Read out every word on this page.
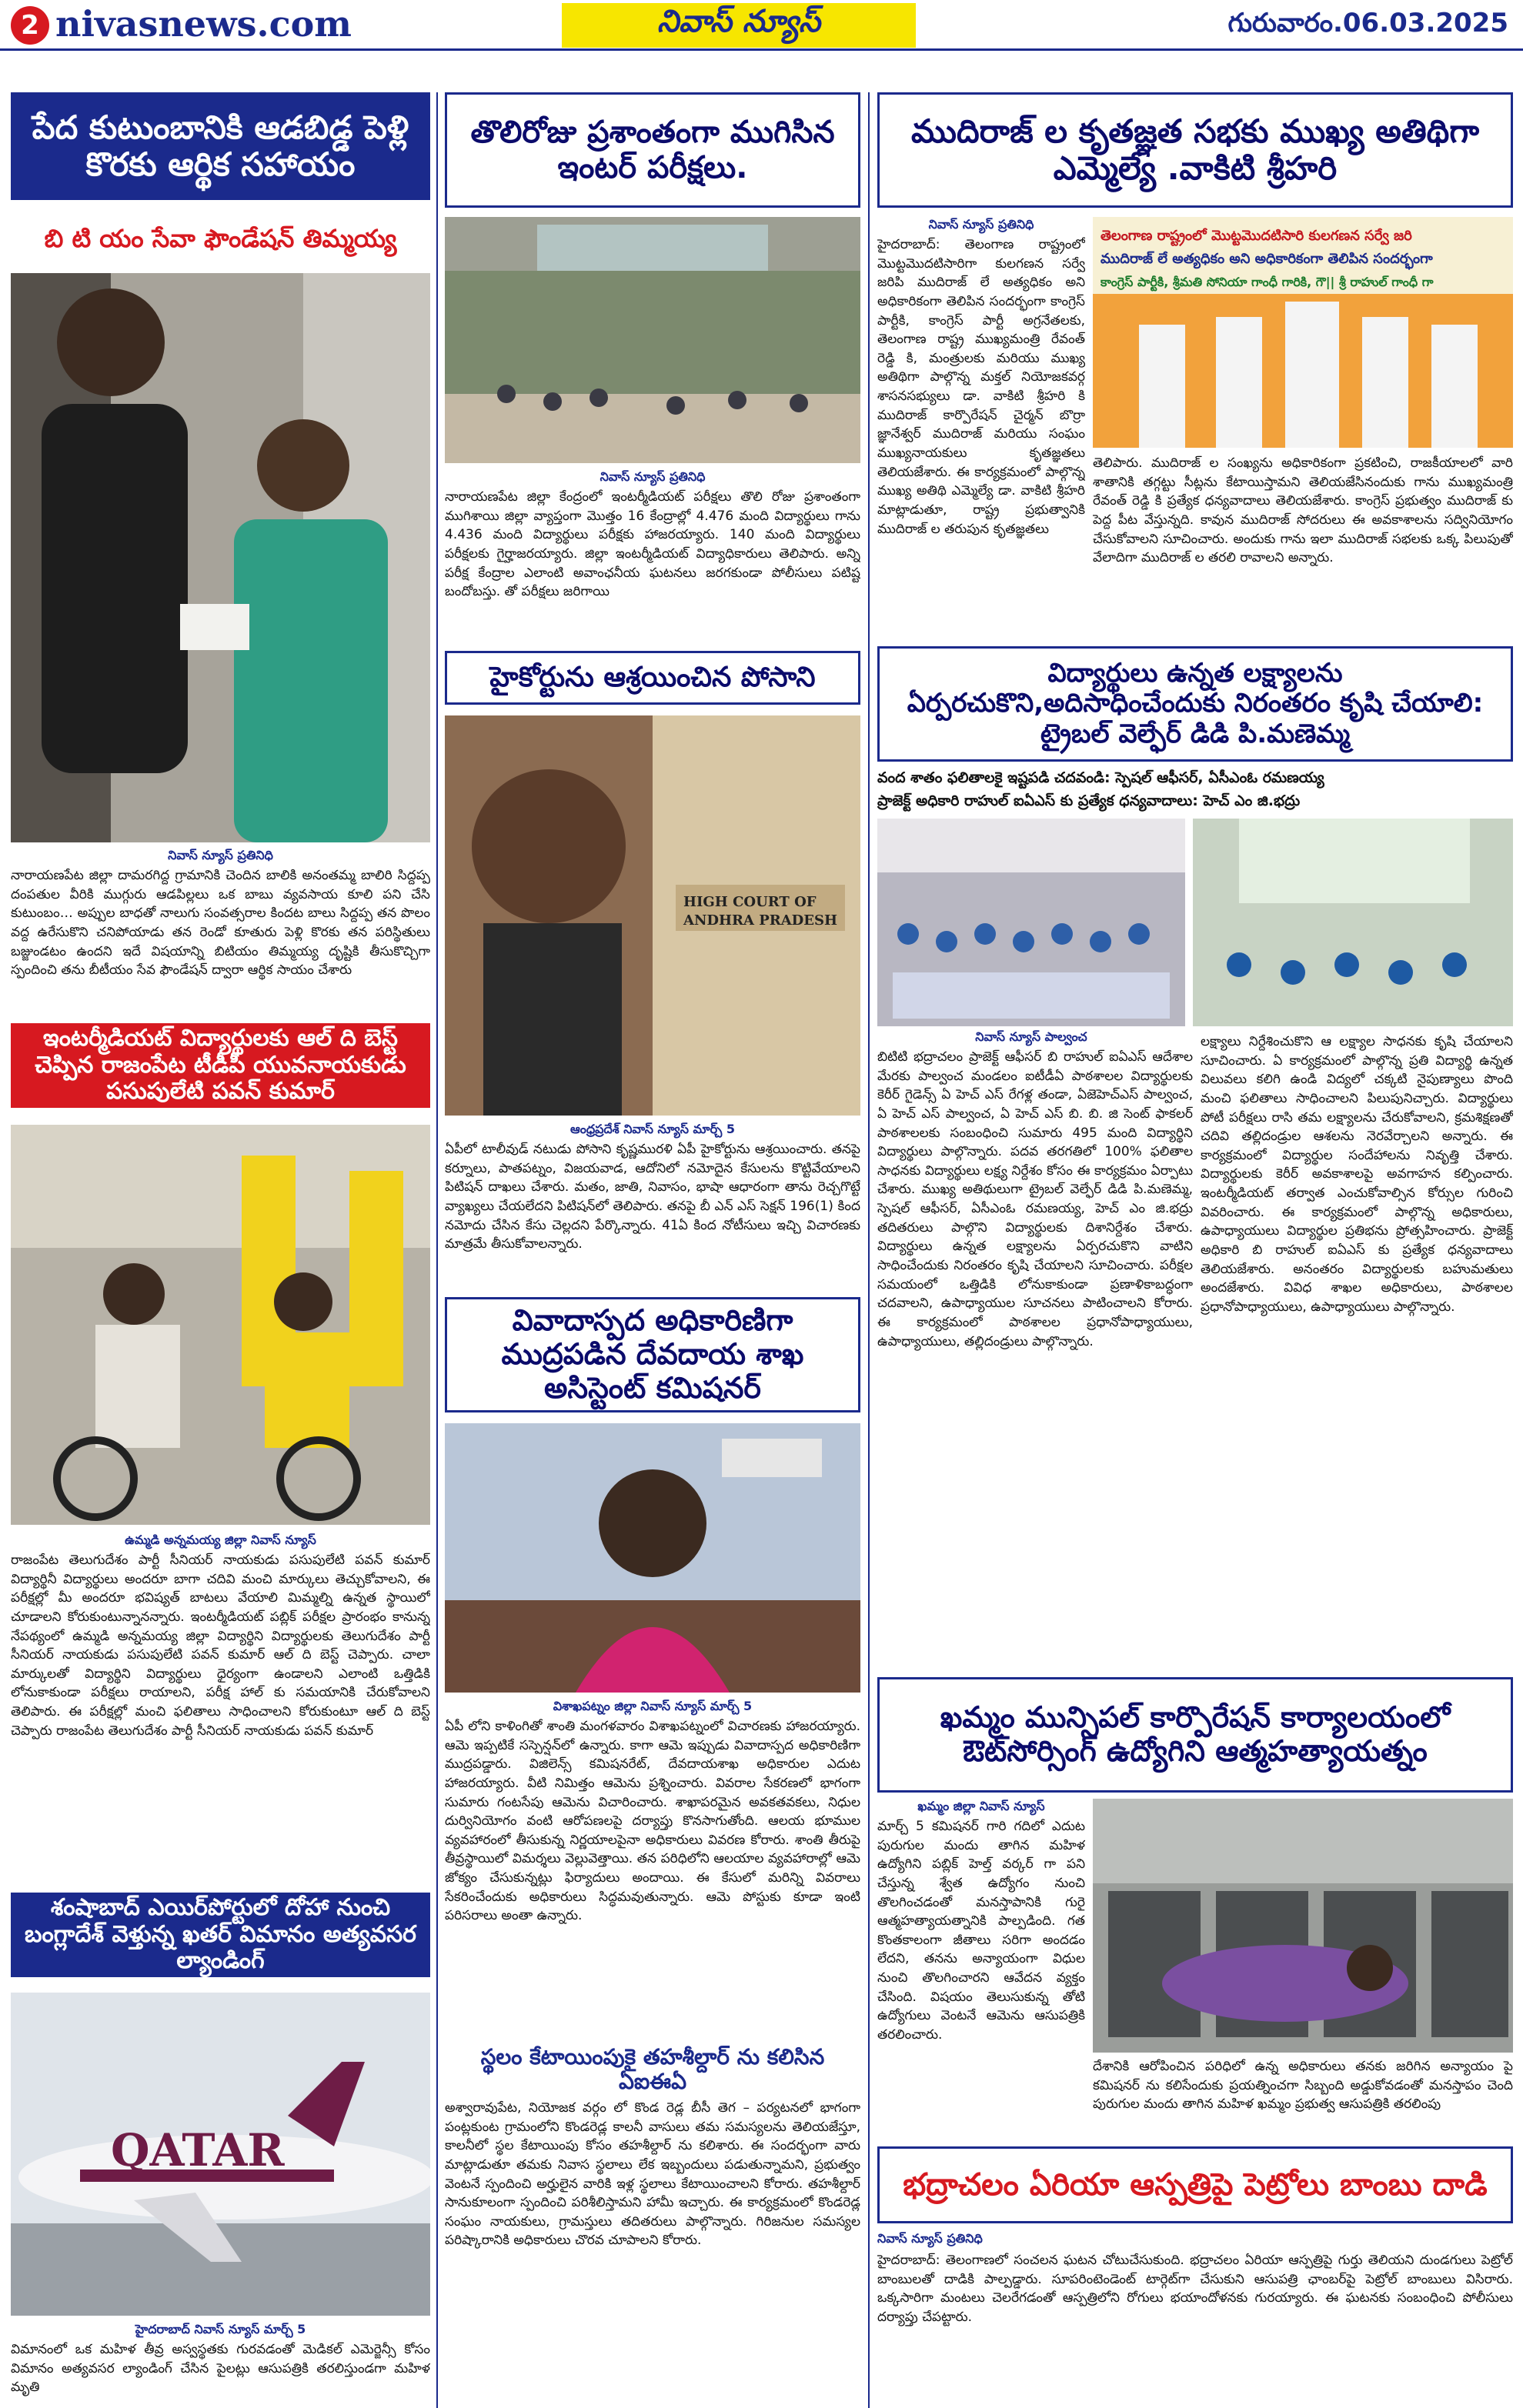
2 nivasnews.com	నివాస్ న్యూస్	గురువారం.06.03.2025
పేద కుటుంబానికి ఆడబిడ్డ పెళ్లి కొరకు ఆర్థిక సహాయం
బి టి యం సేవా ఫౌండేషన్ తిమ్మయ్య
నివాస్ న్యూస్ ప్రతినిధి
నారాయణపేట జిల్లా దామరగిద్ద గ్రామానికి చెందిన బాలికి అనంతమ్మ బాలిరి సిద్దప్ప దంపతుల వీరికి ముగ్గురు ఆడపిల్లలు ఒక బాబు వ్యవసాయ కూలి పని చేసి కుటుంబం… అప్పుల బాధతో నాలుగు సంవత్సరాల కిందట బాలు సిద్దప్ప తన పొలం వద్ద ఉరేసుకొని చనిపోయాడు తన రెండో కూతురు పెళ్లి కొరకు తన పరిస్థితులు బజ్జుండటం ఉందని ఇదే విషయాన్ని బిటియం తిమ్మయ్య దృష్టికి తీసుకొచ్చిగా స్పందించి తను బీటీయం సేవ ఫౌండేషన్ ద్వారా ఆర్థిక సాయం చేశారు
ఇంటర్మీడియట్ విద్యార్థులకు ఆల్ ది బెస్ట్ చెప్పిన రాజంపేట టీడీపీ యువనాయకుడు పసుపులేటి పవన్ కుమార్
ఉమ్మడి అన్నమయ్య జిల్లా నివాస్ న్యూస్
రాజంపేట తెలుగుదేశం పార్టీ సీనియర్ నాయకుడు పసుపులేటి పవన్ కుమార్ విద్యార్థినీ విద్యార్థులు అందరూ బాగా చదివి మంచి మార్కులు తెచ్చుకోవాలని, ఈ పరీక్షల్లో మీ అందరూ భవిష్యత్ బాటలు వేయాలి మిమ్మల్ని ఉన్నత స్థాయిలో చూడాలని కోరుకుంటున్నానన్నారు. ఇంటర్మీడియట్ పబ్లిక్ పరీక్షల ప్రారంభం కానున్న నేపథ్యంలో ఉమ్మడి అన్నమయ్య జిల్లా విద్యార్థిని విద్యార్థులకు తెలుగుదేశం పార్టీ సీనియర్ నాయకుడు పసుపులేటి పవన్ కుమార్ ఆల్ ది బెస్ట్ చెప్పారు. చాలా మార్కులతో విద్యార్థిని విద్యార్థులు ధైర్యంగా ఉండాలని ఎలాంటి ఒత్తిడికి లోనుకాకుండా పరీక్షలు రాయాలని, పరీక్ష హాల్ కు సమయానికి చేరుకోవాలని తెలిపారు. ఈ పరీక్షల్లో మంచి ఫలితాలు సాధించాలని కోరుకుంటూ ఆల్ ది బెస్ట్ చెప్పారు రాజంపేట తెలుగుదేశం పార్టీ సీనియర్ నాయకుడు పవన్ కుమార్
శంషాబాద్ ఎయిర్‌పోర్టులో దోహా నుంచి బంగ్లాదేశ్ వెళ్తున్న ఖతర్ విమానం అత్యవసర ల్యాండింగ్
QATAR
హైదరాబాద్ నివాస్ న్యూస్ మార్చ్ 5
విమానంలో ఒక మహిళ తీవ్ర అస్వస్థతకు గురవడంతో మెడికల్ ఎమెర్జెన్సీ కోసం విమానం అత్యవసర ల్యాండింగ్ చేసిన పైలట్లు ఆసుపత్రికి తరలిస్తుండగా మహిళ మృతి
తొలిరోజు ప్రశాంతంగా ముగిసిన ఇంటర్ పరీక్షలు.
నివాస్ న్యూస్ ప్రతినిధి
నారాయణపేట జిల్లా కేంద్రంలో ఇంటర్మీడియట్ పరీక్షలు తొలి రోజు ప్రశాంతంగా ముగిశాయి జిల్లా వ్యాప్తంగా మొత్తం 16 కేంద్రాల్లో 4.476 మంది విద్యార్థులు గాను 4.436 మంది విద్యార్థులు పరీక్షకు హాజరయ్యారు. 140 మంది విద్యార్థులు పరీక్షలకు గైర్హాజరయ్యారు. జిల్లా ఇంటర్మీడియట్ విద్యాధికారులు తెలిపారు. అన్ని పరీక్ష కేంద్రాల ఎలాంటి అవాంఛనీయ ఘటనలు జరగకుండా పోలీసులు పటిష్ట బందోబస్తు. తో పరీక్షలు జరిగాయి
హైకోర్టును ఆశ్రయించిన పోసాని
HIGH COURT OF
ANDHRA PRADESH
ఆంధ్రప్రదేశ్ నివాస్ న్యూస్ మార్చ్ 5
ఏపీలో టాలీవుడ్ నటుడు పోసాని కృష్ణమురళి ఏపీ హైకోర్టును ఆశ్రయించారు. తనపై కర్నూలు, పాతపట్నం, విజయవాడ, ఆదోనిలో నమోదైన కేసులను కొట్టివేయాలని పిటిషన్ దాఖలు చేశారు. మతం, జాతి, నివాసం, భాషా ఆధారంగా తాను రెచ్చగొట్టే వ్యాఖ్యలు చేయలేదని పిటిషన్‌లో తెలిపారు. తనపై బీ ఎన్ ఎస్ సెక్షన్ 196(1) కింద నమోదు చేసిన కేసు చెల్లదని పేర్కొన్నారు. 41ఏ కింద నోటీసులు ఇచ్చి విచారణకు మాత్రమే తీసుకోవాలన్నారు.
వివాదాస్పద అధికారిణిగా ముద్రపడిన దేవదాయ శాఖ అసిస్టెంట్ కమిషనర్
విశాఖపట్నం జిల్లా నివాస్ న్యూస్ మార్చ్ 5
ఏపీ లోని కాళింగితో శాంతి మంగళవారం విశాఖపట్నంలో విచారణకు హాజరయ్యారు. ఆమె ఇప్పటికే సస్పెన్షన్‌లో ఉన్నారు. కాగా ఆమె ఇప్పుడు వివాదాస్పద అధికారిణిగా ముద్రపడ్డారు. విజిలెన్స్ కమిషనరేట్, దేవదాయశాఖ అధికారుల ఎదుట హాజరయ్యారు. వీటి నిమిత్తం ఆమెను ప్రశ్నించారు. వివరాల సేకరణలో భాగంగా సుమారు గంటసేపు ఆమెను విచారించారు. శాఖాపరమైన అవకతవకలు, నిధుల దుర్వినియోగం వంటి ఆరోపణలపై దర్యాప్తు కొనసాగుతోంది. ఆలయ భూముల వ్యవహారంలో తీసుకున్న నిర్ణయాలపైనా అధికారులు వివరణ కోరారు. శాంతి తీరుపై తీవ్రస్థాయిలో విమర్శలు వెల్లువెత్తాయి. తన పరిధిలోని ఆలయాల వ్యవహారాల్లో ఆమె జోక్యం చేసుకున్నట్లు ఫిర్యాదులు అందాయి. ఈ కేసులో మరిన్ని వివరాలు సేకరించేందుకు అధికారులు సిద్ధమవుతున్నారు. ఆమె పోస్టుకు కూడా ఇంటి పరిసరాలు అంతా ఉన్నారు.
స్థలం కేటాయింపుకై తహశీల్దార్ ను కలిసిన ఏఐఈఏ
అశ్వారావుపేట, నియోజక వర్గం లో కొండ రెడ్ల బీసీ తెగ – పర్యటనలో భాగంగా పంట్లకుంట గ్రామంలోని కొండరెడ్ల కాలనీ వాసులు తమ సమస్యలను తెలియజేస్తూ, కాలనీలో స్థల కేటాయింపు కోసం తహశీల్దార్ ను కలిశారు. ఈ సందర్భంగా వారు మాట్లాడుతూ తమకు నివాస స్థలాలు లేక ఇబ్బందులు పడుతున్నామని, ప్రభుత్వం వెంటనే స్పందించి అర్హులైన వారికి ఇళ్ల స్థలాలు కేటాయించాలని కోరారు. తహశీల్దార్ సానుకూలంగా స్పందించి పరిశీలిస్తామని హామీ ఇచ్చారు. ఈ కార్యక్రమంలో కొండరెడ్ల సంఘం నాయకులు, గ్రామస్తులు తదితరులు పాల్గొన్నారు. గిరిజనుల సమస్యల పరిష్కారానికి అధికారులు చొరవ చూపాలని కోరారు.
ముదిరాజ్ ల కృతజ్ఞత సభకు ముఖ్య అతిథిగా ఎమ్మెల్యే .వాకిటి శ్రీహరి
నివాస్ న్యూస్ ప్రతినిధి
హైదరాబాద్: తెలంగాణ రాష్ట్రంలో మొట్టమొదటిసారిగా కులగణన సర్వే జరిపి ముదిరాజ్ లే అత్యధికం అని అధికారికంగా తెలిపిన సందర్భంగా కాంగ్రెస్ పార్టీకి, కాంగ్రెస్ పార్టీ అగ్రనేతలకు, తెలంగాణ రాష్ట్ర ముఖ్యమంత్రి రేవంత్ రెడ్డి కి, మంత్రులకు మరియు ముఖ్య అతిథిగా పాల్గొన్న మక్తల్ నియోజకవర్గ శాసనసభ్యులు డా. వాకిటి శ్రీహరి కి ముదిరాజ్ కార్పొరేషన్ చైర్మన్ బొర్రా జ్ఞానేశ్వర్ ముదిరాజ్ మరియు సంఘం ముఖ్యనాయకులు కృతజ్ఞతలు తెలియజేశారు. ఈ కార్యక్రమంలో పాల్గొన్న ముఖ్య అతిథి ఎమ్మెల్యే డా. వాకిటి శ్రీహరి మాట్లాడుతూ, రాష్ట్ర ప్రభుత్వానికి ముదిరాజ్ ల తరుపున కృతజ్ఞతలు
తెలంగాణ రాష్ట్రంలో మొట్టమొదటిసారి కులగణన సర్వే జరి
ముదిరాజ్ లే అత్యధికం అని అధికారికంగా తెలిపిన సందర్భంగా
కాంగ్రెస్ పార్టీకి, శ్రీమతి సోనియా గాంధీ గారికి, గౌ|| శ్రీ రాహుల్ గాంధీ గా
తెలిపారు. ముదిరాజ్ ల సంఖ్యను అధికారికంగా ప్రకటించి, రాజకీయాలలో వారి శాతానికి తగ్గట్టు సీట్లను కేటాయిస్తామని తెలియజేసినందుకు గాను ముఖ్యమంత్రి రేవంత్ రెడ్డి కి ప్రత్యేక ధన్యవాదాలు తెలియజేశారు. కాంగ్రెస్ ప్రభుత్వం ముదిరాజ్ కు పెద్ద పీట వేస్తున్నది. కావున ముదిరాజ్ సోదరులు ఈ అవకాశాలను సద్వినియోగం చేసుకోవాలని సూచించారు. అందుకు గాను ఇలా ముదిరాజ్ సభలకు ఒక్క పిలుపుతో వేలాదిగా ముదిరాజ్ ల తరలి రావాలని అన్నారు.
విద్యార్థులు ఉన్నత లక్ష్యాలను ఏర్పరచుకొని,అదిసాధించేందుకు నిరంతరం కృషి చేయాలి: ట్రైబల్ వెల్ఫేర్ డిడి పి.మణెమ్మ
వంద శాతం ఫలితాలకై ఇష్టపడి చదవండి: స్పెషల్ ఆఫీసర్, ఏసీఎంఓ రమణయ్య
ప్రాజెక్ట్ అధికారి రాహుల్ ఐఏఎస్ కు ప్రత్యేక ధన్యవాదాలు: హెచ్ ఎం జి.భద్రు
నివాస్ న్యూస్ పాల్వంచ
బిటిటి భద్రాచలం ప్రాజెక్ట్ ఆఫీసర్ బి రాహుల్ ఐఏఎస్ ఆదేశాల మేరకు పాల్వంచ మండలం ఐటీడీఏ పాఠశాలల విద్యార్థులకు కెరీర్ గైడెన్స్ ఏ హెచ్ ఎస్ రేగళ్ల తండా, ఏజెహెచ్ఎస్ పాల్వంచ, ఏ హెచ్ ఎస్ పాల్వంచ, ఏ హెచ్ ఎస్ బి. బి. జి సెంట్ ఫాకలర్ పాఠశాలలకు సంబంధించి సుమారు 495 మంది విద్యార్థిని విద్యార్థులు పాల్గొన్నారు. పదవ తరగతిలో 100% ఫలితాల సాధనకు విద్యార్థులు లక్ష్య నిర్దేశం కోసం ఈ కార్యక్రమం ఏర్పాటు చేశారు. ముఖ్య అతిథులుగా ట్రైబల్ వెల్ఫేర్ డిడి పి.మణెమ్మ, స్పెషల్ ఆఫీసర్, ఏసీఎంఓ రమణయ్య, హెచ్ ఎం జి.భద్రు తదితరులు పాల్గొని విద్యార్థులకు దిశానిర్దేశం చేశారు. విద్యార్థులు ఉన్నత లక్ష్యాలను ఏర్పరచుకొని వాటిని సాధించేందుకు నిరంతరం కృషి చేయాలని సూచించారు. పరీక్షల సమయంలో ఒత్తిడికి లోనుకాకుండా ప్రణాళికాబద్ధంగా చదవాలని, ఉపాధ్యాయుల సూచనలు పాటించాలని కోరారు. ఈ కార్యక్రమంలో పాఠశాలల ప్రధానోపాధ్యాయులు, ఉపాధ్యాయులు, తల్లిదండ్రులు పాల్గొన్నారు.
లక్ష్యాలు నిర్దేశించుకొని ఆ లక్ష్యాల సాధనకు కృషి చేయాలని సూచించారు. ఏ కార్యక్రమంలో పాల్గొన్న ప్రతి విద్యార్థి ఉన్నత విలువలు కలిగి ఉండి విద్యలో చక్కటి నైపుణ్యాలు పొంది మంచి ఫలితాలు సాధించాలని పిలుపునిచ్చారు. విద్యార్థులు పోటీ పరీక్షలు రాసి తమ లక్ష్యాలను చేరుకోవాలని, క్రమశిక్షణతో చదివి తల్లిదండ్రుల ఆశలను నెరవేర్చాలని అన్నారు. ఈ కార్యక్రమంలో విద్యార్థుల సందేహాలను నివృత్తి చేశారు. విద్యార్థులకు కెరీర్ అవకాశాలపై అవగాహన కల్పించారు. ఇంటర్మీడియట్ తర్వాత ఎంచుకోవాల్సిన కోర్సుల గురించి వివరించారు. ఈ కార్యక్రమంలో పాల్గొన్న అధికారులు, ఉపాధ్యాయులు విద్యార్థుల ప్రతిభను ప్రోత్సహించారు. ప్రాజెక్ట్ అధికారి బి రాహుల్ ఐఏఎస్ కు ప్రత్యేక ధన్యవాదాలు తెలియజేశారు. అనంతరం విద్యార్థులకు బహుమతులు అందజేశారు. వివిధ శాఖల అధికారులు, పాఠశాలల ప్రధానోపాధ్యాయులు, ఉపాధ్యాయులు పాల్గొన్నారు.
ఖమ్మం మున్సిపల్ కార్పొరేషన్ కార్యాలయంలో ఔట్‌సోర్సింగ్ ఉద్యోగిని ఆత్మహత్యాయత్నం
ఖమ్మం జిల్లా నివాస్ న్యూస్
మార్చ్ 5 కమిషనర్ గారి గదిలో ఎదుట పురుగుల మందు తాగిన మహిళ ఉద్యోగిని పబ్లిక్ హెల్త్ వర్కర్ గా పని చేస్తున్న శ్వేత ఉద్యోగం నుంచి తొలగించడంతో మనస్తాపానికి గురై ఆత్మహత్యాయత్నానికి పాల్పడింది. గత కొంతకాలంగా జీతాలు సరిగా అందడం లేదని, తనను అన్యాయంగా విధుల నుంచి తొలగించారని ఆవేదన వ్యక్తం చేసింది. విషయం తెలుసుకున్న తోటి ఉద్యోగులు వెంటనే ఆమెను ఆసుపత్రికి తరలించారు.
దేశానికి ఆరోపించిన పరిధిలో ఉన్న అధికారులు తనకు జరిగిన అన్యాయం పై కమిషనర్ ను కలిసేందుకు ప్రయత్నించగా సిబ్బంది అడ్డుకోవడంతో మనస్తాపం చెంది పురుగుల మందు తాగిన మహిళ ఖమ్మం ప్రభుత్వ ఆసుపత్రికి తరలింపు
భద్రాచలం ఏరియా ఆస్పత్రిపై పెట్రోలు బాంబు దాడి
నివాస్ న్యూస్ ప్రతినిధి
హైదరాబాద్: తెలంగాణలో సంచలన ఘటన చోటుచేసుకుంది. భద్రాచలం ఏరియా ఆస్పత్రిపై గుర్తు తెలియని దుండగులు పెట్రోల్ బాంబులతో దాడికి పాల్పడ్డారు. సూపరింటెండెంట్ టార్గెట్‌గా చేసుకుని ఆసుపత్రి ఛాంబర్‌పై పెట్రోల్ బాంబులు విసిరారు. ఒక్కసారిగా మంటలు చెలరేగడంతో ఆస్పత్రిలోని రోగులు భయాందోళనకు గురయ్యారు. ఈ ఘటనకు సంబంధించి పోలీసులు దర్యాప్తు చేపట్టారు.
